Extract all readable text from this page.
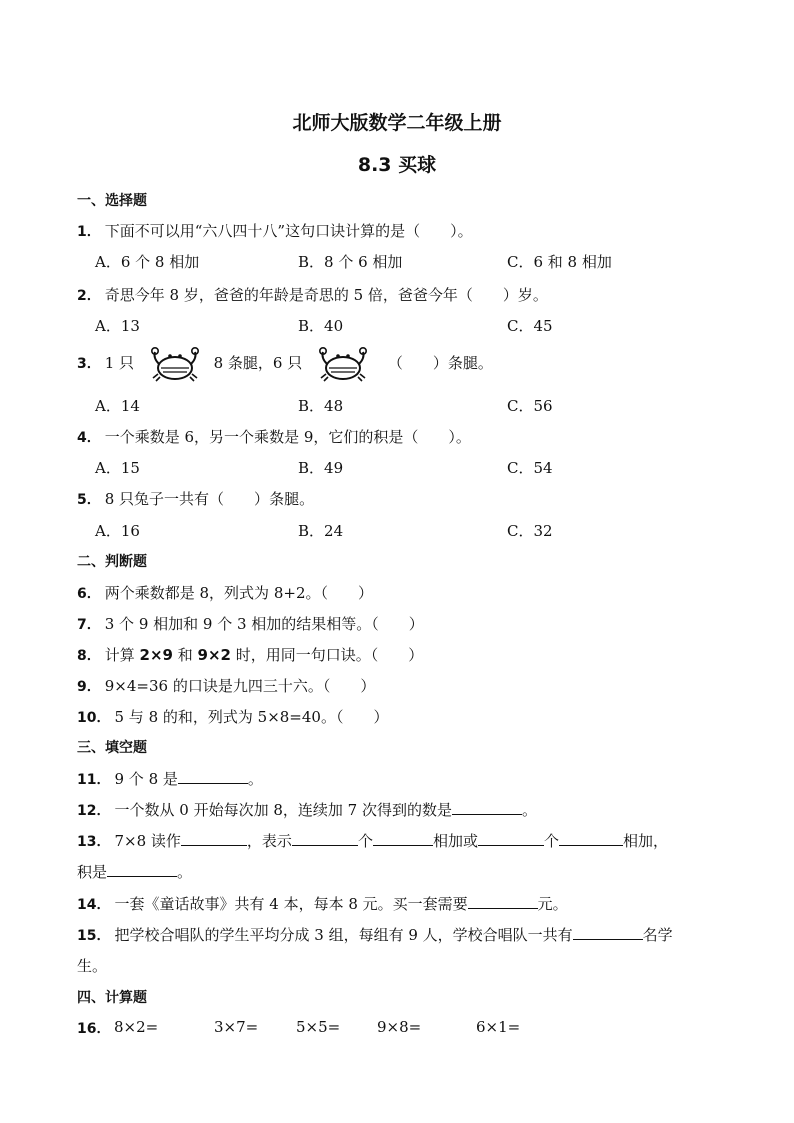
北师大版数学二年级上册
8.3 买球
一、选择题
1． 下面不可以用“六八四十八”这句口诀计算的是（　　）。
A．6 个 8 相加	B．8 个 6 相加	C．6 和 8 相加
2． 奇思今年 8 岁，爸爸的年龄是奇思的 5 倍，爸爸今年（　　）岁。
A．13	B．40	C．45
3． 1 只	8 条腿，6 只	（　　）条腿。
A．14	B．48	C．56
4． 一个乘数是 6，另一个乘数是 9，它们的积是（　　）。
A．15	B．49	C．54
5． 8 只兔子一共有（　　）条腿。
A．16	B．24	C．32
二、判断题
6． 两个乘数都是 8，列式为 8+2。（　　）
7． 3 个 9 相加和 9 个 3 相加的结果相等。（　　）
8． 计算 2×9 和 9×2 时，用同一句口诀。（　　）
9． 9×4=36 的口诀是九四三十六。（　　）
10． 5 与 8 的和，列式为 5×8=40。（　　）
三、填空题
11． 9 个 8 是	。
12． 一个数从 0 开始每次加 8，连续加 7 次得到的数是	。
13． 7×8 读作	，表示	个	相加或	个	相加，
积是	。
14． 一套《童话故事》共有 4 本，每本 8 元。买一套需要	元。
15． 把学校合唱队的学生平均分成 3 组，每组有 9 人，学校合唱队一共有	名学
生。
四、计算题
16． 8×2=	3×7=	5×5= 9×8=	6×1=
